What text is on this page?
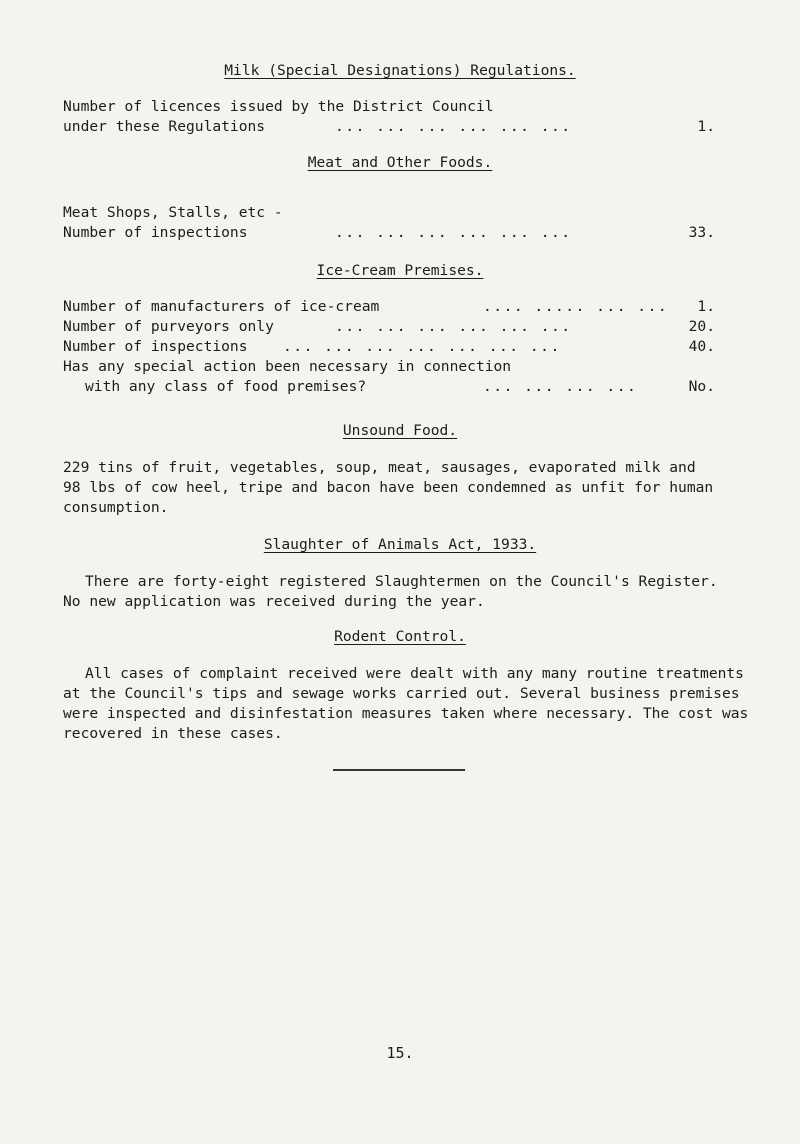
Milk (Special Designations) Regulations.
Number of licences issued by the District Council
under these Regulations	... ... ... ... ... ...	1.
Meat and Other Foods.
Meat Shops, Stalls, etc -
Number of inspections	... ... ... ... ... ...	33.
Ice-Cream Premises.
Number of manufacturers of ice-cream	.... ..... ... ... 1.
Number of purveyors only	... ... ... ... ... ...	20.
Number of inspections ... ... ... ... ... ... ...	40.
Has any special action been necessary in connection
with any class of food premises?	... ... ... ...	No.
Unsound Food.
229 tins of fruit, vegetables, soup, meat, sausages, evaporated milk and 98 lbs of cow heel, tripe and bacon have been condemned as unfit for human consumption.
Slaughter of Animals Act, 1933.
There are forty-eight registered Slaughtermen on the Council's Register. No new application was received during the year.
Rodent Control.
All cases of complaint received were dealt with any many routine treatments at the Council's tips and sewage works carried out. Several business premises were inspected and disinfestation measures taken where necessary. The cost was recovered in these cases.
15.
